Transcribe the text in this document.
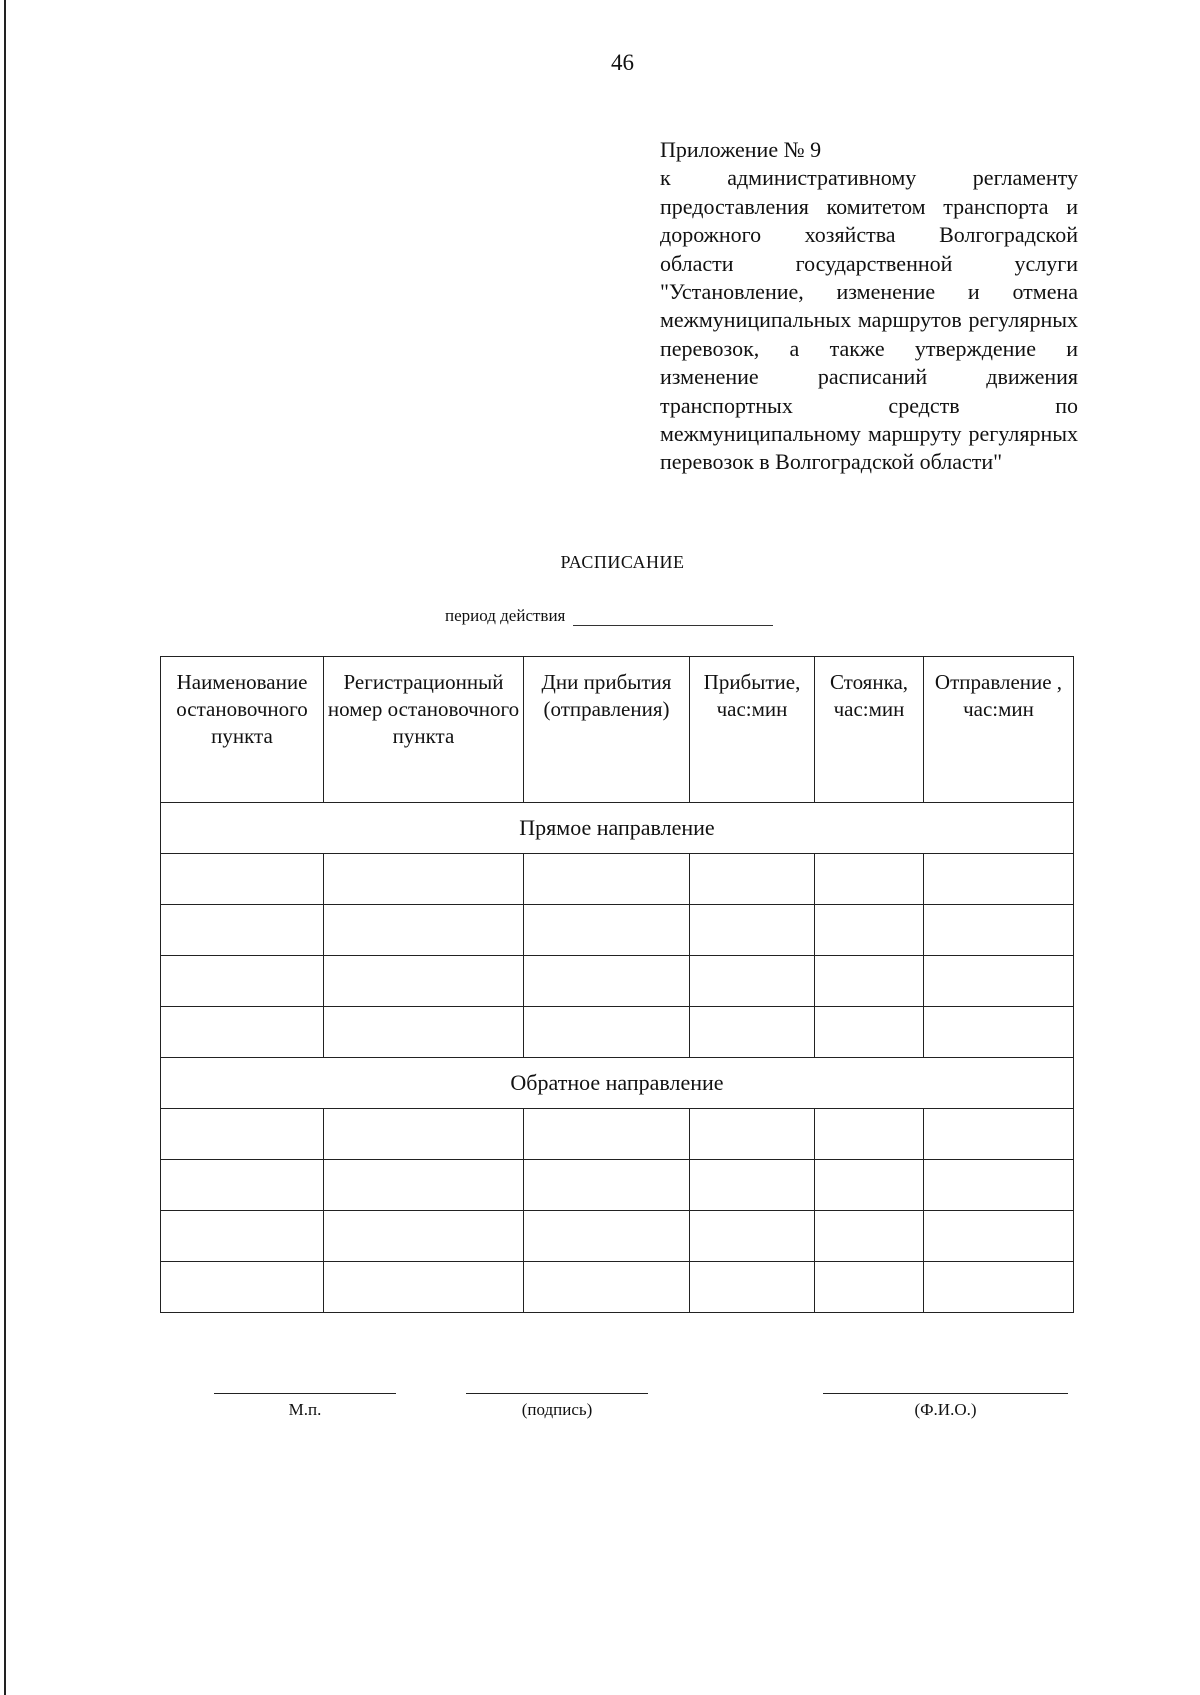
46
Приложение № 9
к административному регламенту предоставления комитетом транспорта и дорожного хозяйства Волгоградской области государственной услуги "Установление, изменение и отмена межмуниципальных маршрутов регулярных перевозок, а также утверждение и изменение расписаний движения транспортных средств по межмуниципальному маршруту регулярных перевозок в Волгоградской области"
РАСПИСАНИЕ
период действия
Наименование остановочного пункта	Регистрационный номер остановочного пункта	Дни прибытия (отправления)	Прибытие, час:мин	Стоянка, час:мин	Отправление , час:мин
Прямое направление					

Обратное направление					

М.п.	(подпись)	(Ф.И.О.)
